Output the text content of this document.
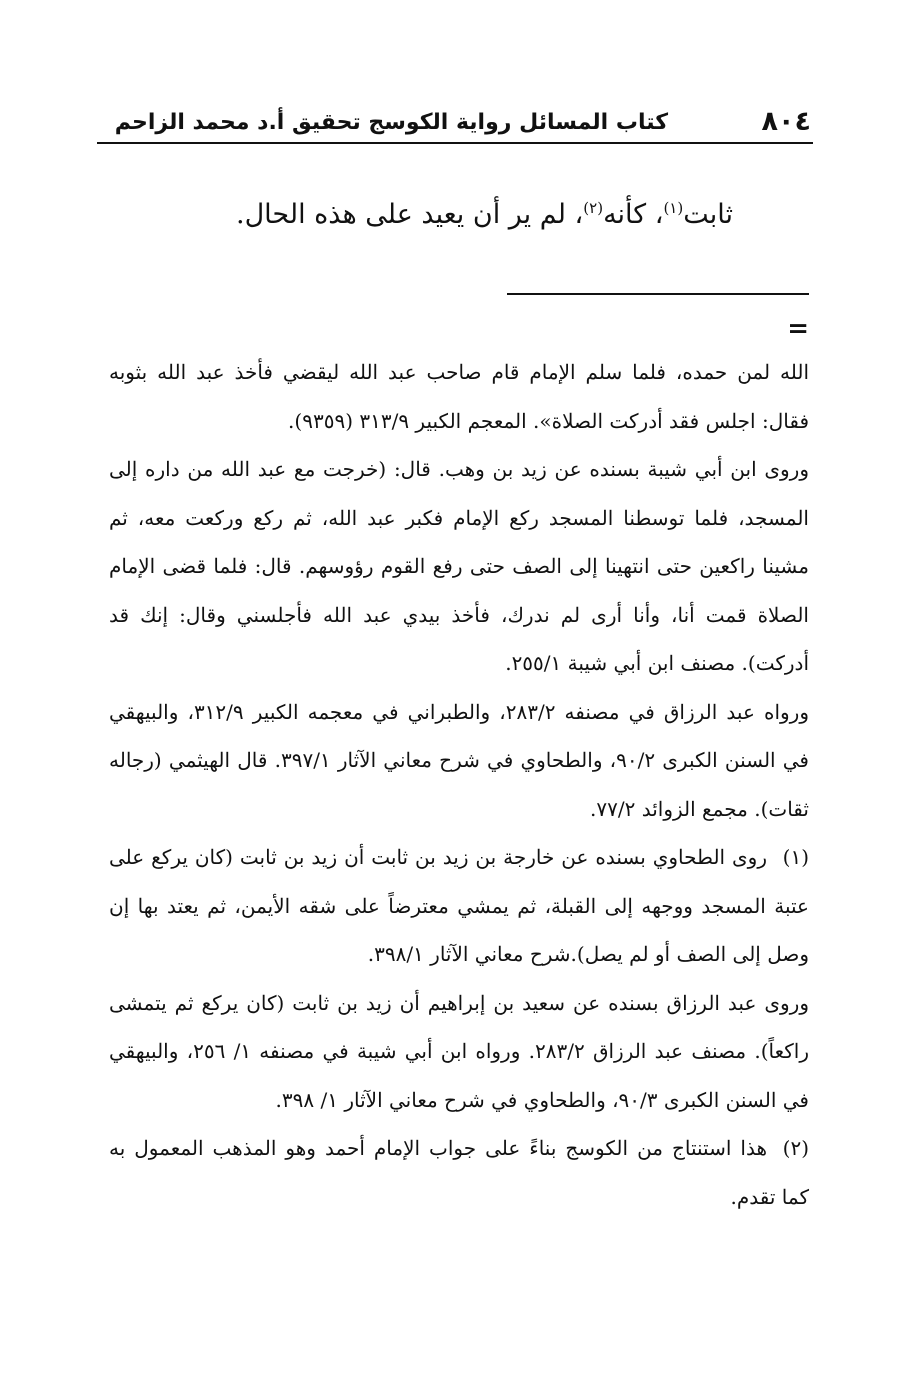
٨٠٤
كتاب المسائل رواية الكوسج تحقيق أ.د محمد الزاحم
ثابت$^{(١)}$، كأنه$^{(٢)}$، لم ير أن يعيد على هذه الحال.
=

الله لمن حمده، فلما سلم الإمام قام صاحب عبد الله ليقضي فأخذ عبد الله بثوبه فقال: اجلس فقد أدركت الصلاة». المعجم الكبير ٣١٣/٩ (٩٣٥٩).

وروى ابن أبي شيبة بسنده عن زيد بن وهب. قال: (خرجت مع عبد الله من داره إلى المسجد، فلما توسطنا المسجد ركع الإمام فكبر عبد الله، ثم ركع وركعت معه، ثم مشينا راكعين حتى انتهينا إلى الصف حتى رفع القوم رؤوسهم. قال: فلما قضى الإمام الصلاة قمت أنا، وأنا أرى لم ندرك، فأخذ بيدي عبد الله فأجلسني وقال: إنك قد أدركت). مصنف ابن أبي شيبة ٢٥٥/١.

ورواه عبد الرزاق في مصنفه ٢٨٣/٢، والطبراني في معجمه الكبير ٣١٢/٩، والبيهقي في السنن الكبرى ٩٠/٢، والطحاوي في شرح معاني الآثار ٣٩٧/١. قال الهيثمي (رجاله ثقات). مجمع الزوائد ٧٧/٢.

(١)روى الطحاوي بسنده عن خارجة بن زيد بن ثابت أن زيد بن ثابت (كان يركع على عتبة المسجد ووجهه إلى القبلة، ثم يمشي معترضاً على شقه الأيمن، ثم يعتد بها إن وصل إلى الصف أو لم يصل).شرح معاني الآثار ٣٩٨/١.

وروى عبد الرزاق بسنده عن سعيد بن إبراهيم أن زيد بن ثابت (كان يركع ثم يتمشى راكعاً). مصنف عبد الرزاق ٢٨٣/٢. ورواه ابن أبي شيبة في مصنفه ١/ ٢٥٦، والبيهقي في السنن الكبرى ٩٠/٣، والطحاوي في شرح معاني الآثار ١/ ٣٩٨.

(٢)هذا استنتاج من الكوسج بناءً على جواب الإمام أحمد وهو المذهب المعمول به كما تقدم.
